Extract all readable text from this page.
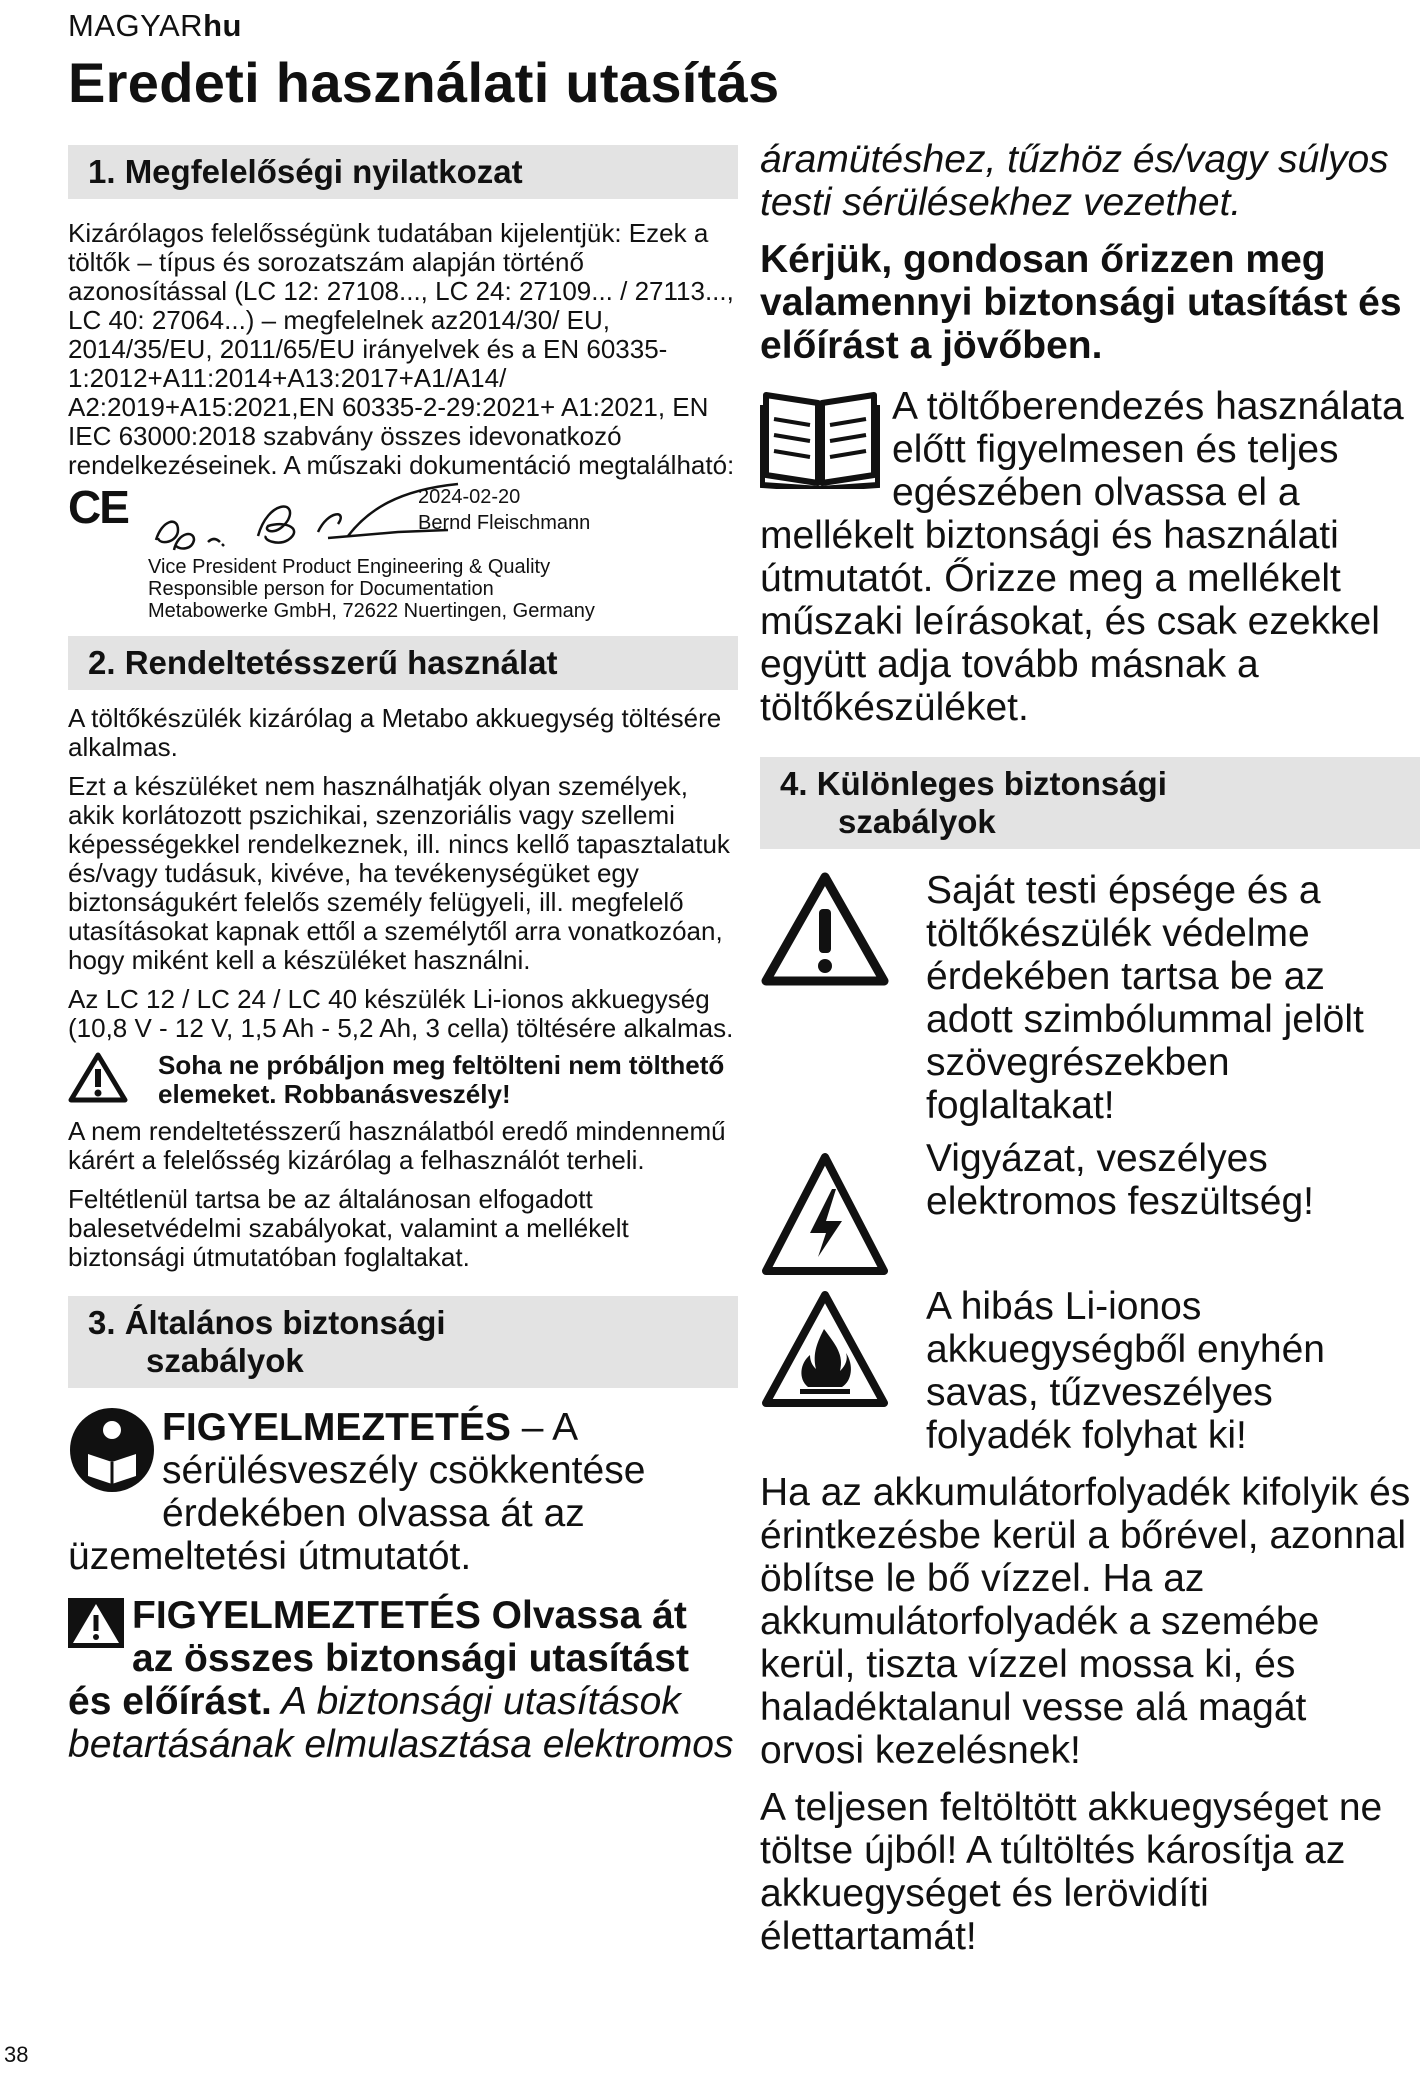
MAGYARhu
Eredeti használati utasítás
1. Megfelelőségi nyilatkozat

Kizárólagos felelősségünk tudatában kijelentjük: Ezek a töltők – típus és sorozatszám alapján történő azonosítással (LC 12: 27108..., LC 24: 27109... / 27113..., LC 40: 27064...) – megfelelnek az2014/30/ EU, 2014/35/EU, 2011/65/EU irányelvek és a EN 60335-1:2012+A11:2014+A13:2017+A1/A14/ A2:2019+A15:2021,EN 60335-2-29:2021+ A1:2021, EN IEC 63000:2018 szabvány összes idevonatkozó rendelkezéseinek. A műszaki dokumentáció megtalálható:

CE	2024-02-20
Bernd Fleischmann
Vice President Product Engineering & Quality
Responsible person for Documentation
Metabowerke GmbH, 72622 Nuertingen, Germany
2. Rendeltetésszerű használat

A töltőkészülék kizárólag a Metabo akkuegység töltésére alkalmas.

Ezt a készüléket nem használhatják olyan személyek, akik korlátozott pszichikai, szenzoriális vagy szellemi képességekkel rendelkeznek, ill. nincs kellő tapasztalatuk és/vagy tudásuk, kivéve, ha tevékenységüket egy biztonságukért felelős személy felügyeli, ill. megfelelő utasításokat kapnak ettől a személytől arra vonatkozóan, hogy miként kell a készüléket használni.

Az LC 12 / LC 24 / LC 40 készülék Li-ionos akkuegység (10,8 V - 12 V, 1,5 Ah - 5,2 Ah, 3 cella) töltésére alkalmas.

Soha ne próbáljon meg feltölteni nem tölthető elemeket. Robbanásveszély!

A nem rendeltetésszerű használatból eredő mindennemű kárért a felelősség kizárólag a felhasználót terheli.

Feltétlenül tartsa be az általánosan elfogadott balesetvédelmi szabályokat, valamint a mellékelt biztonsági útmutatóban foglaltakat.

3. Általános biztonsági
szabályok

FIGYELMEZTETÉS – A sérülésveszély csökkentése érdekében olvassa át az üzemeltetési útmutatót.

FIGYELMEZTETÉS Olvassa át az összes biztonsági utasítást és előírást. A biztonsági utasítások betartásának elmulasztása elektromos

áramütéshez, tűzhöz és/vagy súlyos testi sérülésekhez vezethet.

Kérjük, gondosan őrizzen meg valamennyi biztonsági utasítást és előírást a jövőben.

A töltőberendezés használata előtt figyelmesen és teljes egészében olvassa el a mellékelt biztonsági és használati útmutatót. Őrizze meg a mellékelt műszaki leírásokat, és csak ezekkel együtt adja tovább másnak a töltőkészüléket.

4. Különleges biztonsági
szabályok

Saját testi épsége és a töltőkészülék védelme érdekében tartsa be az adott szimbólummal jelölt szövegrészekben foglaltakat!

Vigyázat, veszélyes elektromos feszültség!

A hibás Li-ionos akkuegységből enyhén savas, tűzveszélyes folyadék folyhat ki!

Ha az akkumulátorfolyadék kifolyik és érintkezésbe kerül a bőrével, azonnal öblítse le bő vízzel. Ha az akkumulátorfolyadék a szemébe kerül, tiszta vízzel mossa ki, és haladéktalanul vesse alá magát orvosi kezelésnek!

A teljesen feltöltött akkuegységet ne töltse újból! A túltöltés károsítja az akkuegységet és lerövidíti élettartamát!

38
